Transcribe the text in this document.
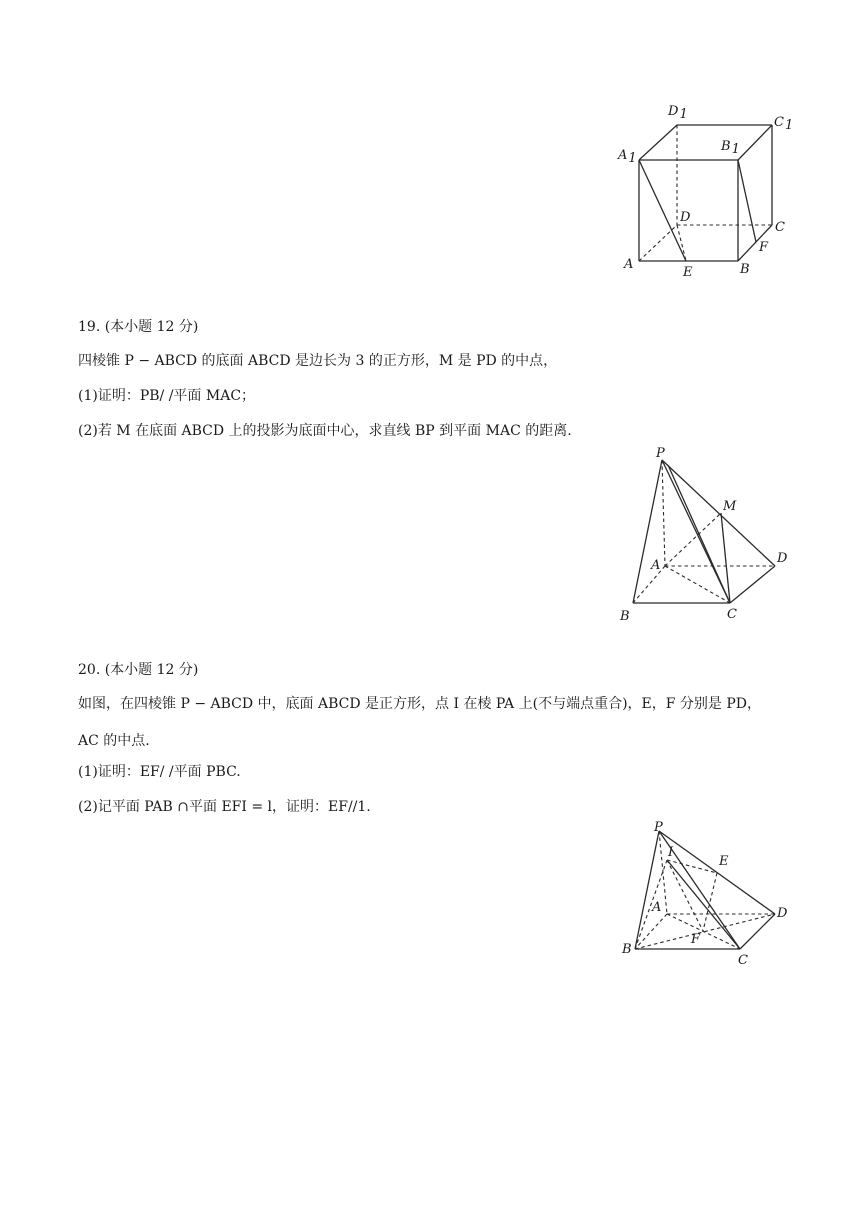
D1
C1
A1
B1
D
C
A
E	B
F
19. (本小题 12 分)
四棱锥 P − ABCD 的底面 ABCD 是边长为 3 的正方形，M 是 PD 的中点，
(1)证明：PB/ /平面 MAC；
(2)若 M 在底面 ABCD 上的投影为底面中心，求直线 BP 到平面 MAC 的距离.
P
M
A	D
B	C
20. (本小题 12 分)
如图，在四棱锥 P − ABCD 中，底面 ABCD 是正方形，点 I 在棱 PA 上(不与端点重合)，E，F 分别是 PD，AC 的中点.
(1)证明：EF/ /平面 PBC.
(2)记平面 PAB ∩平面 EFI = l，证明：EF//1.
P
I
E
A	D
F
B
C
